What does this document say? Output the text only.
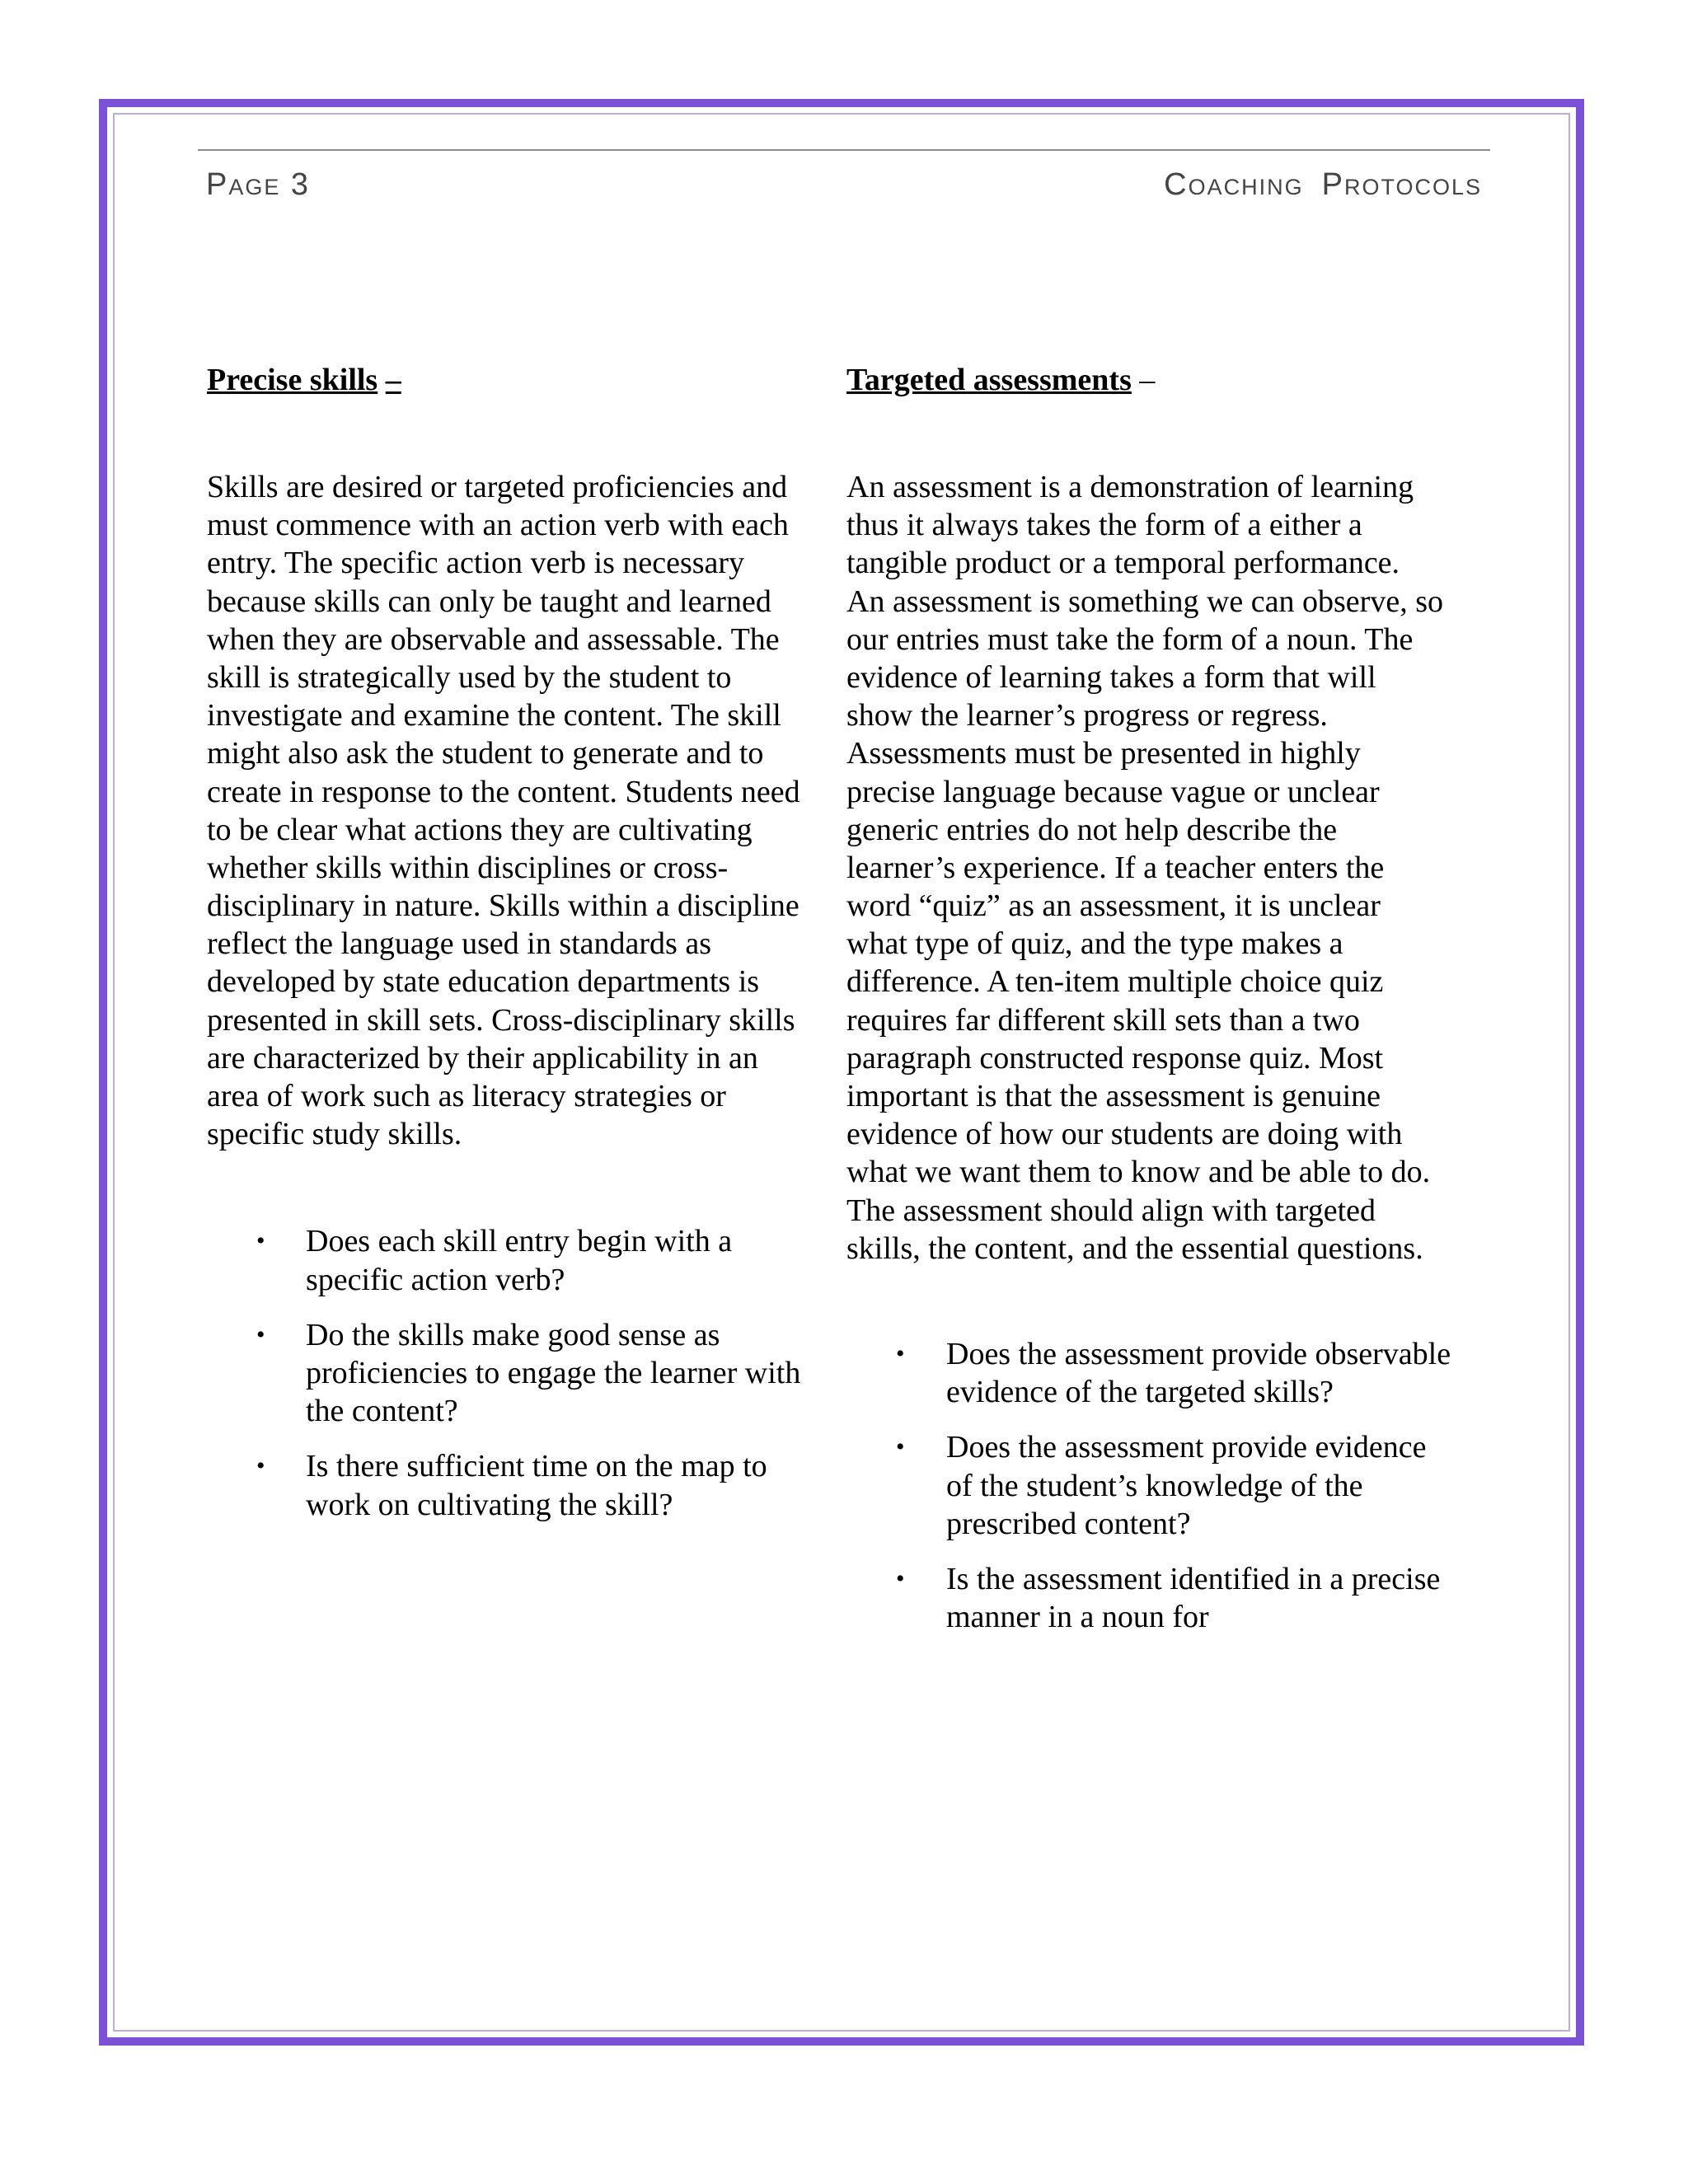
Page 3	Coaching Protocols
Precise skills –
Skills are desired or targeted proficiencies and
must commence with an action verb with each
entry. The specific action verb is necessary
because skills can only be taught and learned
when they are observable and assessable. The
skill is strategically used by the student to
investigate and examine the content. The skill
might also ask the student to generate and to
create in response to the content. Students need
to be clear what actions they are cultivating
whether skills within disciplines or cross-
disciplinary in nature. Skills within a discipline
reflect the language used in standards as
developed by state education departments is
presented in skill sets. Cross-disciplinary skills
are characterized by their applicability in an
area of work such as literacy strategies or
specific study skills.
• Does each skill entry begin with a
specific action verb?
• Do the skills make good sense as
proficiencies to engage the learner with
the content?
• Is there sufficient time on the map to
work on cultivating the skill?
Targeted assessments –
An assessment is a demonstration of learning
thus it always takes the form of a either a
tangible product or a temporal performance.
An assessment is something we can observe, so
our entries must take the form of a noun. The
evidence of learning takes a form that will
show the learner’s progress or regress.
Assessments must be presented in highly
precise language because vague or unclear
generic entries do not help describe the
learner’s experience. If a teacher enters the
word “quiz” as an assessment, it is unclear
what type of quiz, and the type makes a
difference. A ten-item multiple choice quiz
requires far different skill sets than a two
paragraph constructed response quiz. Most
important is that the assessment is genuine
evidence of how our students are doing with
what we want them to know and be able to do.
The assessment should align with targeted
skills, the content, and the essential questions.
• Does the assessment provide observable
evidence of the targeted skills?
• Does the assessment provide evidence
of the student’s knowledge of the
prescribed content?
• Is the assessment identified in a precise
manner in a noun for
